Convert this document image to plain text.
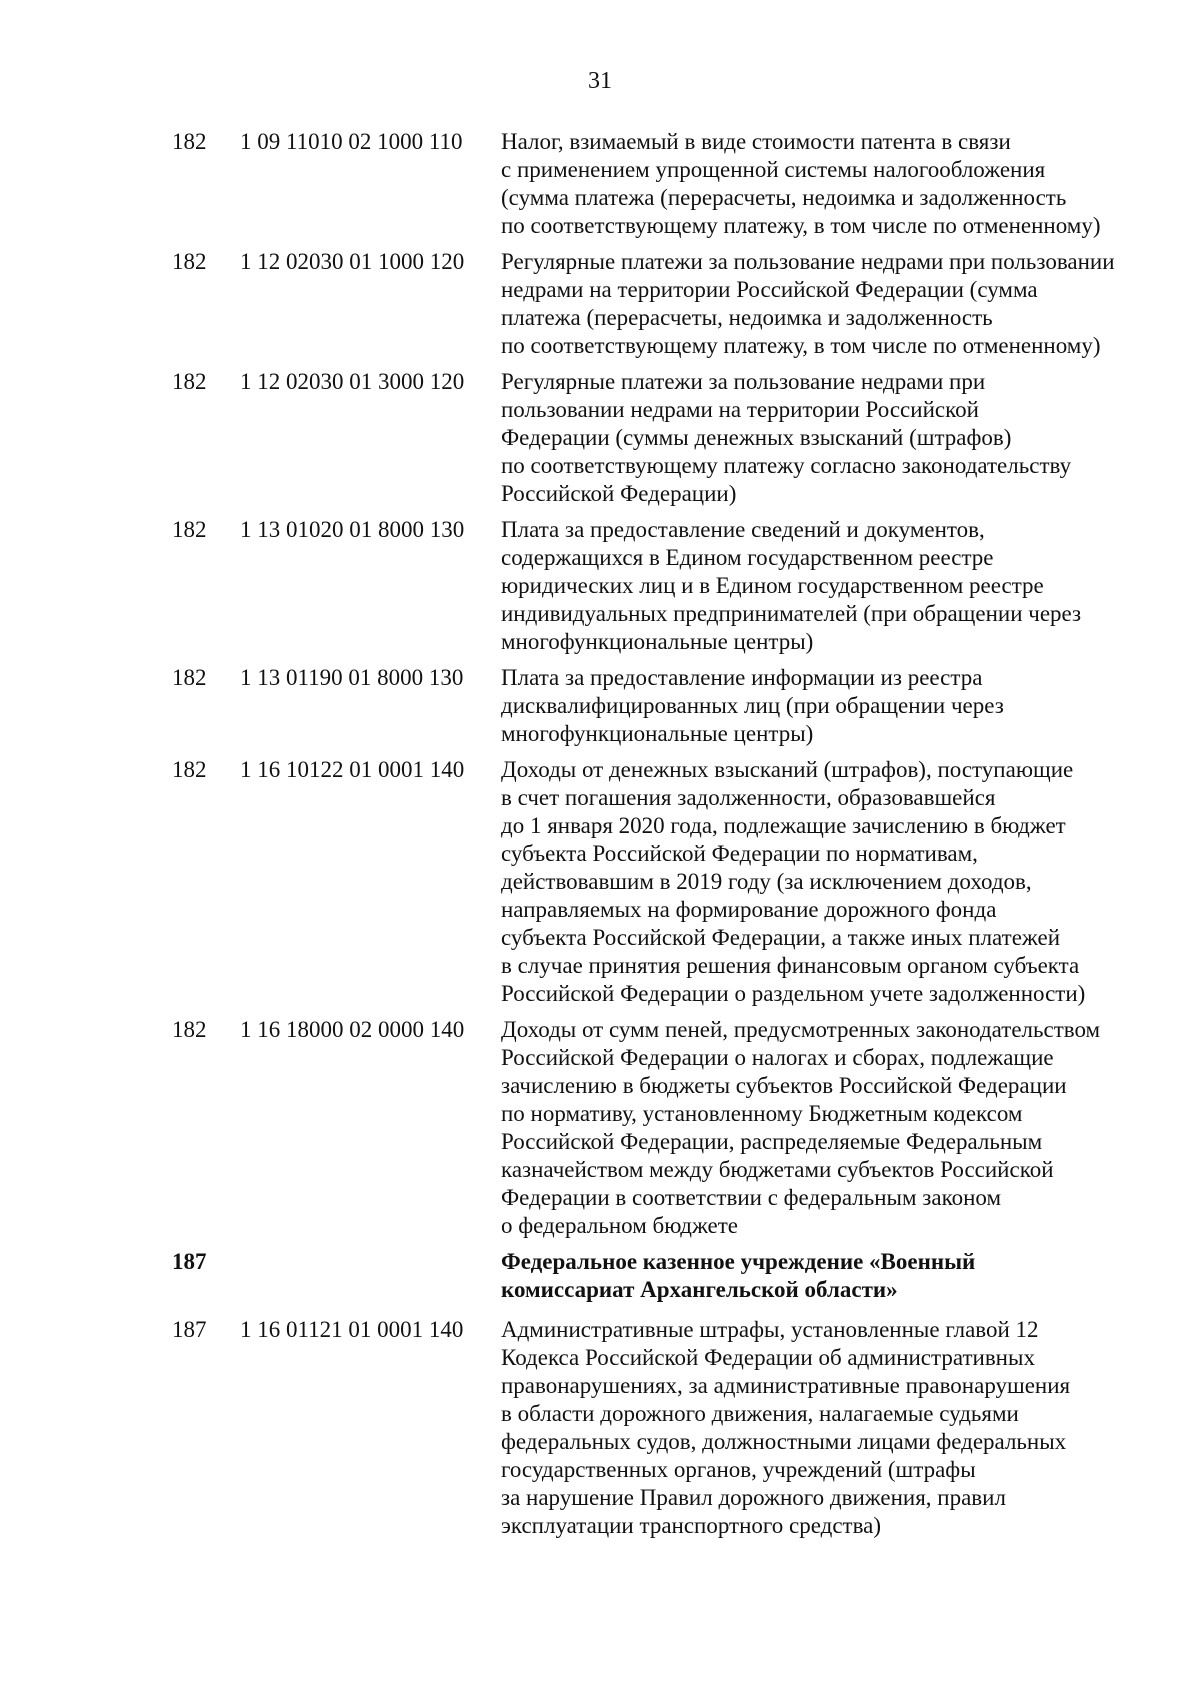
31
182 1 09 11010 02 1000 110 Налог, взимаемый в виде стоимости патента в связи
с применением упрощенной системы налогообложения
(сумма платежа (перерасчеты, недоимка и задолженность
по соответствующему платежу, в том числе по отмененному)
182 1 12 02030 01 1000 120 Регулярные платежи за пользование недрами при пользовании
недрами на территории Российской Федерации (сумма
платежа (перерасчеты, недоимка и задолженность
по соответствующему платежу, в том числе по отмененному)
182 1 12 02030 01 3000 120 Регулярные платежи за пользование недрами при
пользовании недрами на территории Российской
Федерации (суммы денежных взысканий (штрафов)
по соответствующему платежу согласно законодательству
Российской Федерации)
182 1 13 01020 01 8000 130 Плата за предоставление сведений и документов,
содержащихся в Едином государственном реестре
юридических лиц и в Едином государственном реестре
индивидуальных предпринимателей (при обращении через
многофункциональные центры)
182 1 13 01190 01 8000 130 Плата за предоставление информации из реестра
дисквалифицированных лиц (при обращении через
многофункциональные центры)
182 1 16 10122 01 0001 140 Доходы от денежных взысканий (штрафов), поступающие
в счет погашения задолженности, образовавшейся
до 1 января 2020 года, подлежащие зачислению в бюджет
субъекта Российской Федерации по нормативам,
действовавшим в 2019 году (за исключением доходов,
направляемых на формирование дорожного фонда
субъекта Российской Федерации, а также иных платежей
в случае принятия решения финансовым органом субъекта
Российской Федерации о раздельном учете задолженности)
182 1 16 18000 02 0000 140 Доходы от сумм пеней, предусмотренных законодательством
Российской Федерации о налогах и сборах, подлежащие
зачислению в бюджеты субъектов Российской Федерации
по нормативу, установленному Бюджетным кодексом
Российской Федерации, распределяемые Федеральным
казначейством между бюджетами субъектов Российской
Федерации в соответствии с федеральным законом
о федеральном бюджете
187	Федеральное казенное учреждение «Военный
комиссариат Архангельской области»
187 1 16 01121 01 0001 140 Административные штрафы, установленные главой 12
Кодекса Российской Федерации об административных
правонарушениях, за административные правонарушения
в области дорожного движения, налагаемые судьями
федеральных судов, должностными лицами федеральных
государственных органов, учреждений (штрафы
за нарушение Правил дорожного движения, правил
эксплуатации транспортного средства)
